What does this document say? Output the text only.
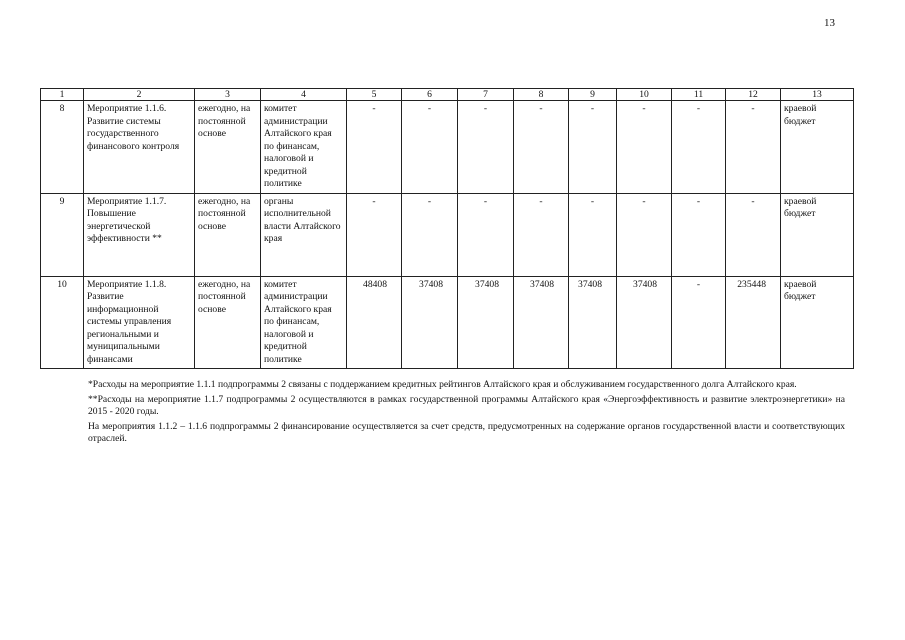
13
1	2	3	4	5	6	7	8	9	10	11	12	13
8	Мероприятие 1.1.6. Развитие системы государственного финансового контроля	ежегодно, на постоянной основе	комитет администрации Алтайского края по финансам, налоговой и кредитной политике	-	-	-	-	-	-	-	-	краевой бюджет
9	Мероприятие 1.1.7. Повышение энергетической эффективности **	ежегодно, на постоянной основе	органы исполнительной власти Алтайского края	-	-	-	-	-	-	-	-	краевой бюджет
10	Мероприятие 1.1.8. Развитие информационной системы управления региональными и муниципальными финансами	ежегодно, на постоянной основе	комитет администрации Алтайского края по финансам, налоговой и кредитной политике	48408	37408	37408	37408	37408	37408	-	235448	краевой бюджет

*Расходы на мероприятие 1.1.1 подпрограммы 2 связаны с поддержанием кредитных рейтингов Алтайского края и обслуживанием государственного долга Алтайского края.

**Расходы на мероприятие 1.1.7 подпрограммы 2 осуществляются в рамках государственной программы Алтайского края «Энергоэффективность и развитие электроэнергетики» на 2015 - 2020 годы.

На мероприятия 1.1.2 – 1.1.6 подпрограммы 2 финансирование осуществляется за счет средств, предусмотренных на содержание органов государственной власти и соответствующих отраслей.
